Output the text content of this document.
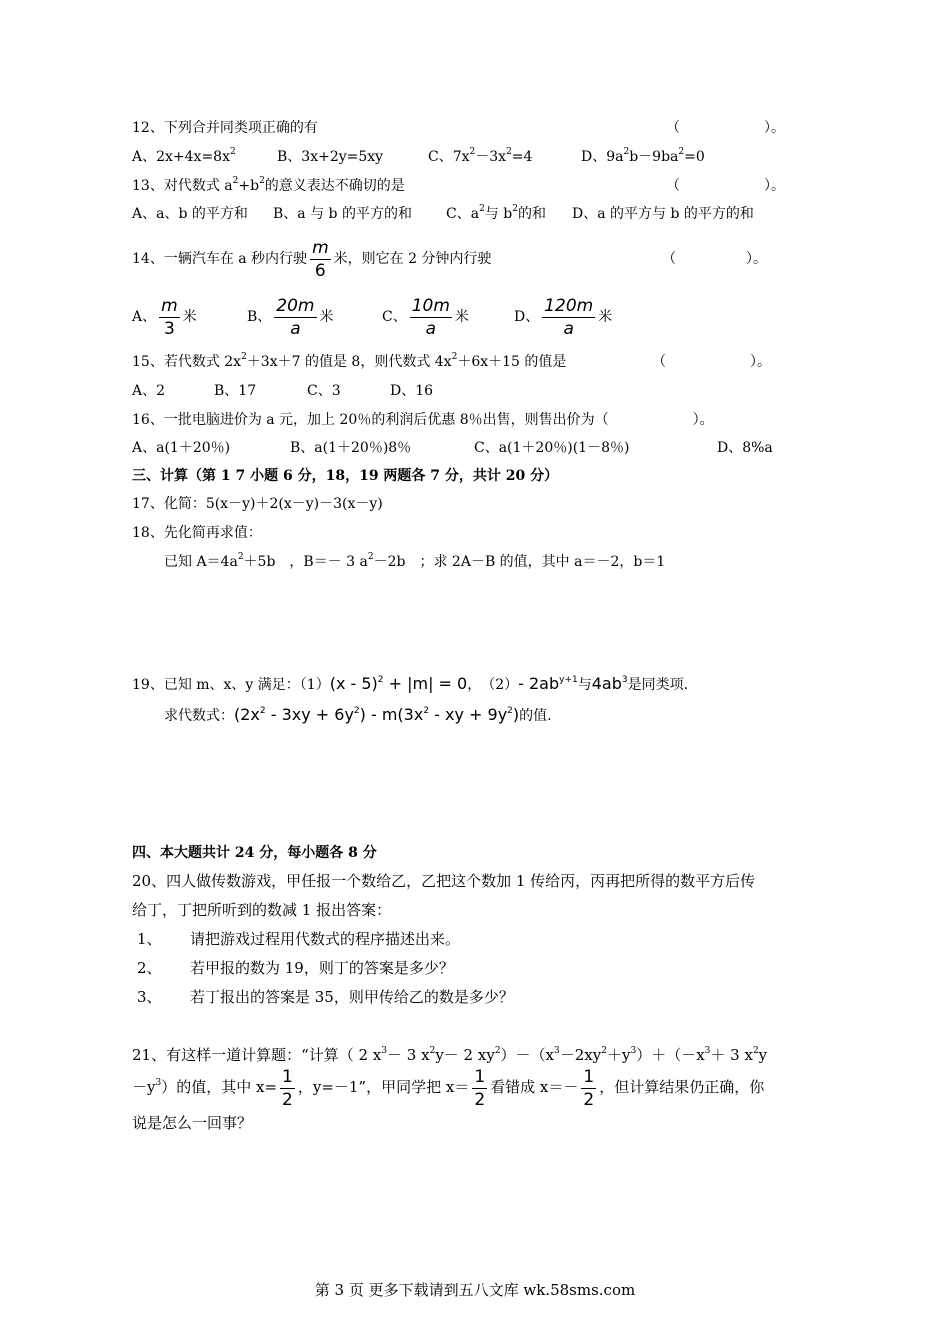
12、下列合并同类项正确的有	（　　　　　　）。
A、$2x+4x=8x^2$	B、3x+2y=5xy	C、$7x^2-3x^2=4$	D、$9a^2b-9ba^2=0$
13、对代数式 $a^2+b^2$的意义表达不确切的是	（　　　　　　）。
A、a、b 的平方和 B、a 与 b 的平方的和 C、$a^2$与 $b^2$的和 D、a 的平方与 b 的平方的和
14、一辆汽车在 a 秒内行驶 $\frac{m}{6}$ 米，则它在 2 分钟内行驶	（　　　　　）。
A、 $\frac{m}{3}$ 米	B、 $\frac{20m}{a}$ 米	C、 $\frac{10m}{a}$ 米	D、 $\frac{120m}{a}$ 米
15、若代数式 $2x^2+3x+7$ 的值是 8，则代数式 $4x^2+6x+15$ 的值是	（　　　　　　）。
A、2	B、17	C、3	D、16
16、一批电脑进价为 a 元，加上 20％的利润后优惠 8％出售，则售出价为（　　　　　　）。
A、a(1＋20％)	B、a(1＋20％)8％	C、a(1＋20％)(1－8％)	D、8%a
三、计算（第 1 7 小题 6 分，18，19 两题各 7 分，共计 20 分）
17、化简：5(x－y)＋2(x－y)－3(x－y)
18、先化简再求值：
已知 $A=4a^2+5b$　，B＝－ 3 $a^2-2b$　；求 2A－B 的值，其中 a＝－2，b＝1
19、已知 m、x、y 满足：（1）(x - 5)$^2$ + |m| = 0，　 （2）- $2ab^{y+1}$与$4ab^3$是同类项.
求代数式：$(2x^2 - 3xy + 6y^2) - m(3x^2$ - xy + $9y^2$)的值.
四、本大题共计 24 分，每小题各 8 分
20、四人做传数游戏，甲任报一个数给乙，乙把这个数加 1 传给丙，丙再把所得的数平方后传
给丁，丁把所听到的数减 1 报出答案：
1、 请把游戏过程用代数式的程序描述出来。
2、 若甲报的数为 19，则丁的答案是多少？
3、 若丁报出的答案是 35，则甲传给乙的数是多少？
21、有这样一道计算题：“计算（ 2 $x^3- 3$ $x^2y- 2$ $xy^2)-(x^3-2xy^2+y^3)+(-x^3+ 3$ $x^2y$
$-y^3$）的值，其中 $x= \frac{1}{2}$ ，y=－1”，甲同学把 $x= \frac{1}{2}$ 看错成 $x=- \frac{1}{2}$ ，但计算结果仍正确，你
说是怎么一回事？
第 3 页 更多下载请到五八文库 wk.58sms.com
